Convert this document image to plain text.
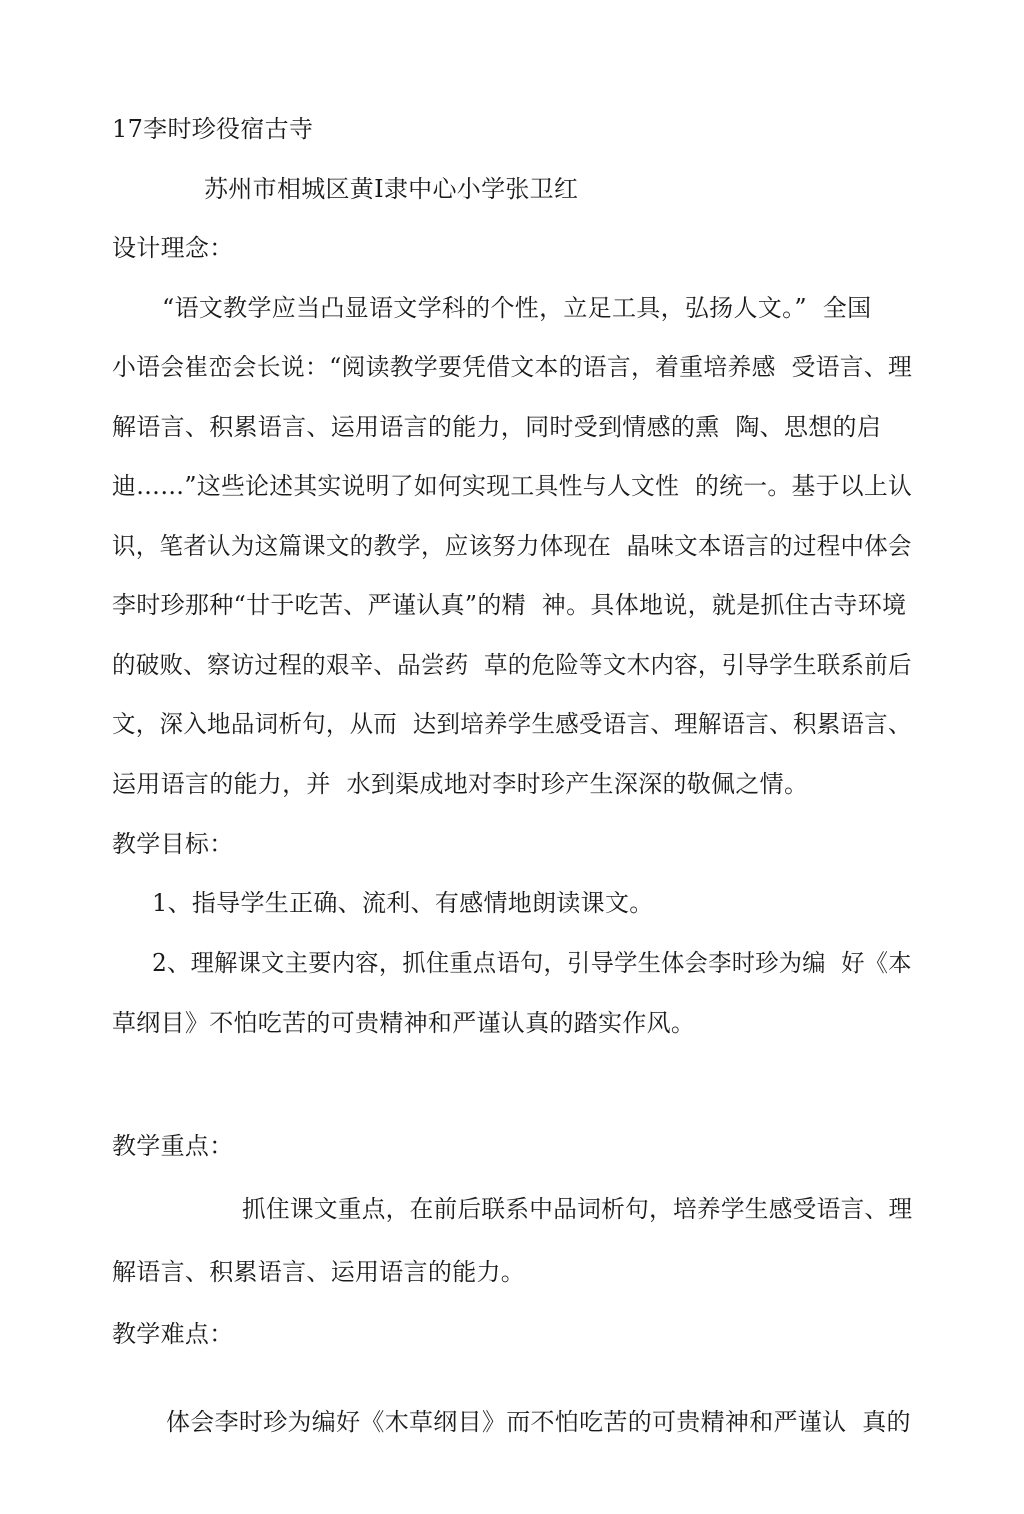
17李时珍役宿古寺
苏州市相城区黄I隶中心小学张卫红
设计理念：
“语文教学应当凸显语文学科的个性，立足工具，弘扬人文。”  全国
小语会崔峦会长说：“阅读教学要凭借文本的语言，着重培养感  受语言、理
解语言、积累语言、运用语言的能力，同时受到情感的熏  陶、思想的启
迪……”这些论述其实说明了如何实现工具性与人文性  的统一。基于以上认
识，笔者认为这篇课文的教学，应该努力体现在  晶味文本语言的过程中体会
李时珍那种“廿于吃苦、严谨认真”的精  神。具体地说，就是抓住古寺环境
的破败、察访过程的艰辛、品尝药  草的危险等文木内容，引导学生联系前后
文，深入地品词析句，从而  达到培养学生感受语言、理解语言、积累语言、
运用语言的能力，并  水到渠成地对李时珍产生深深的敬佩之情。
教学目标：
1、指导学生正确、流利、有感情地朗读课文。
2、理解课文主要内容，抓住重点语句，引导学生体会李时珍为编  好《本
草纲目》不怕吃苦的可贵精神和严谨认真的踏实作风。
教学重点：
抓住课文重点，在前后联系中品词析句，培养学生感受语言、理
解语言、积累语言、运用语言的能力。
教学难点：
体会李时珍为编好《木草纲目》而不怕吃苦的可贵精神和严谨认  真的
